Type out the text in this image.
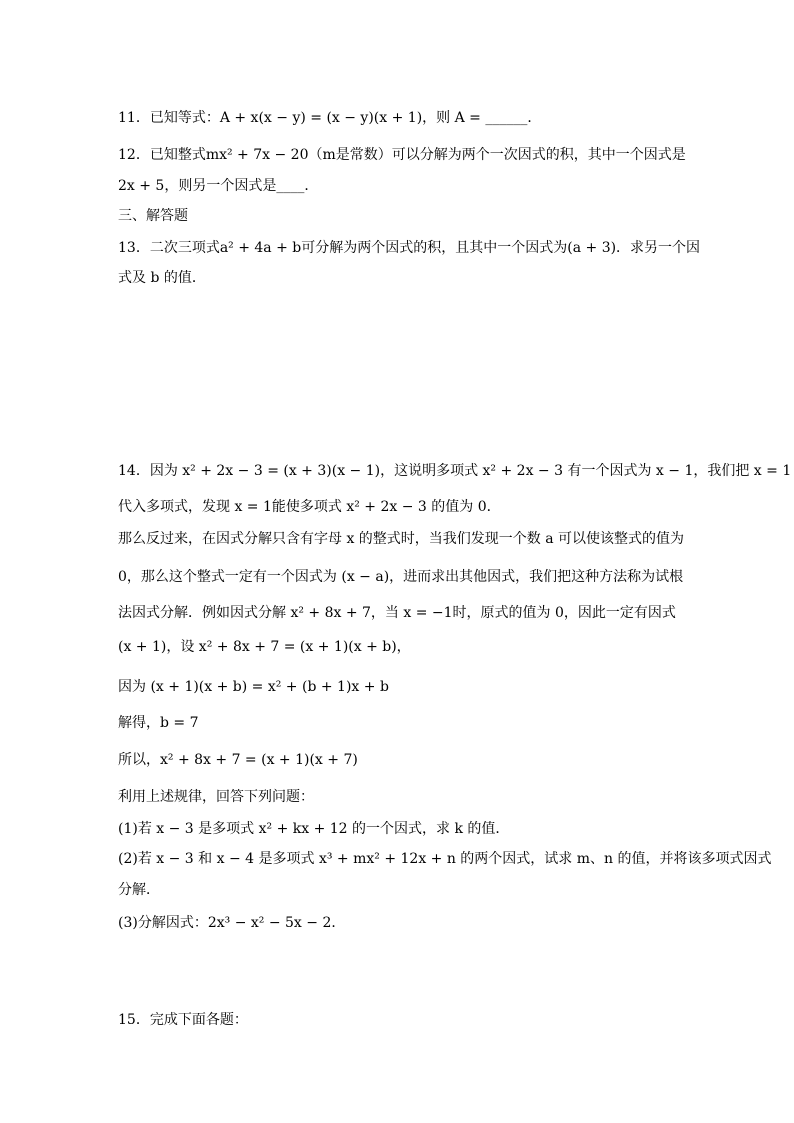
11．已知等式：A + x(x − y) = (x − y)(x + 1)，则 A = ______．
12．已知整式mx² + 7x − 20（m是常数）可以分解为两个一次因式的积，其中一个因式是
2x + 5，则另一个因式是____．
三、解答题
13．二次三项式a² + 4a + b可分解为两个因式的积，且其中一个因式为(a + 3)．求另一个因
式及 b 的值．
14．因为 x² + 2x − 3 = (x + 3)(x − 1)，这说明多项式 x² + 2x − 3 有一个因式为 x − 1，我们把 x = 1
代入多项式，发现 x = 1能使多项式 x² + 2x − 3 的值为 0．
那么反过来，在因式分解只含有字母 x 的整式时，当我们发现一个数 a 可以使该整式的值为
0，那么这个整式一定有一个因式为 (x − a)，进而求出其他因式，我们把这种方法称为试根
法因式分解．例如因式分解 x² + 8x + 7，当 x = −1时，原式的值为 0，因此一定有因式
(x + 1)，设 x² + 8x + 7 = (x + 1)(x + b)，
因为 (x + 1)(x + b) = x² + (b + 1)x + b
解得，b = 7
所以，x² + 8x + 7 = (x + 1)(x + 7)
利用上述规律，回答下列问题：
(1)若 x − 3 是多项式 x² + kx + 12 的一个因式，求 k 的值．
(2)若 x − 3 和 x − 4 是多项式 x³ + mx² + 12x + n 的两个因式，试求 m、n 的值，并将该多项式因式
分解．
(3)分解因式：2x³ − x² − 5x − 2．
15．完成下面各题：
